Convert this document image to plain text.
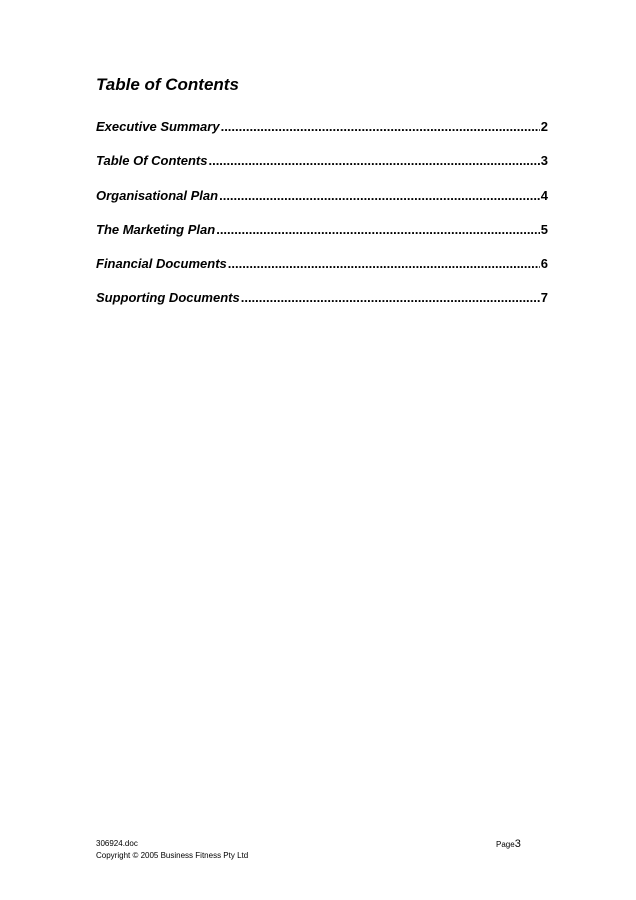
Table of Contents
Executive Summary .....	2
Table Of Contents .....	3
Organisational Plan .....	4
The Marketing Plan .....	5
Financial Documents .....	6
Supporting Documents .....	7
306924.doc
Copyright © 2005 Business Fitness Pty Ltd
Page3
